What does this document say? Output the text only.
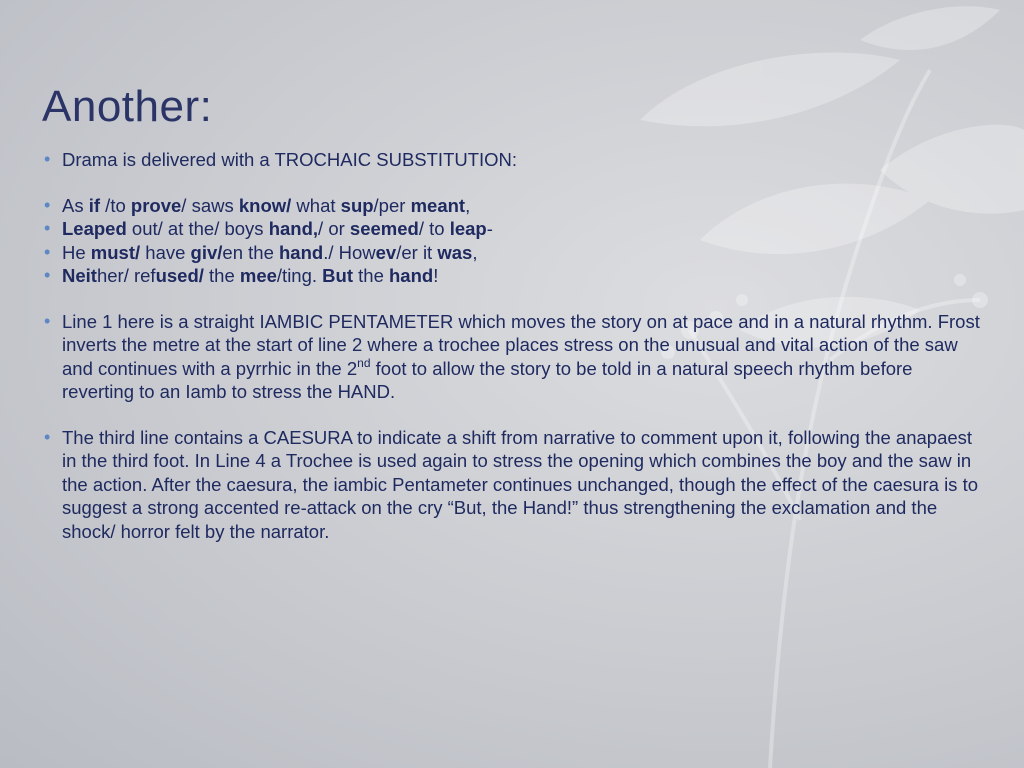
Another:

• Drama is delivered with a TROCHAIC SUBSTITUTION:

• As if /to prove/ saws know/ what sup/per meant,

• Leaped out/ at the/ boys hand,/ or seemed/ to leap-

• He must/ have giv/en the hand./ Howev/er it was,

• Neither/ refused/ the mee/ting. But the hand!

• Line 1 here is a straight IAMBIC PENTAMETER which moves the story on at pace and in a natural rhythm. Frost inverts the metre at the start of line 2 where a trochee places stress on the unusual and vital action of the saw and continues with a pyrrhic in the 2nd foot to allow the story to be told in a natural speech rhythm before reverting to an Iamb to stress the HAND.

• The third line contains a CAESURA to indicate a shift from narrative to comment upon it, following the anapaest in the third foot. In Line 4 a Trochee is used again to stress the opening which combines the boy and the saw in the action. After the caesura, the iambic Pentameter continues unchanged, though the effect of the caesura is to suggest a strong accented re-attack on the cry “But, the Hand!” thus strengthening the exclamation and the shock/ horror felt by the narrator.
